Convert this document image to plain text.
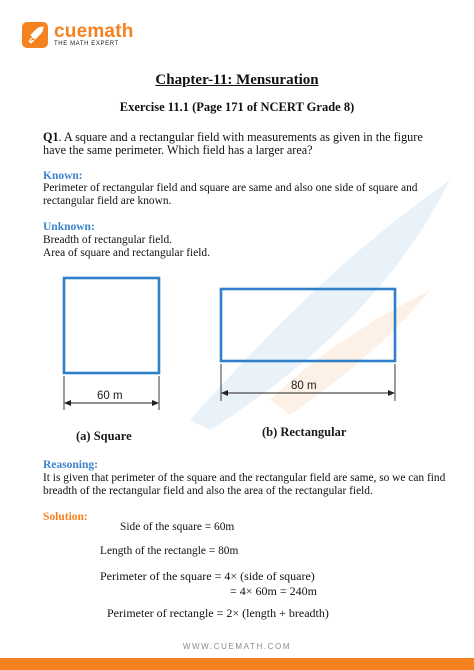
cuemath
THE MATH EXPERT
Chapter-11: Mensuration
Exercise 11.1 (Page 171 of NCERT Grade 8)
Q1. A square and a rectangular field with measurements as given in the figure have the same perimeter. Which field has a larger area?
Known:
Perimeter of rectangular field and square are same and also one side of square and
rectangular field are known.
Unknown:
Breadth of rectangular field.
Area of square and rectangular field.
60 m
(a) Square
80 m
(b) Rectangular
Reasoning:
It is given that perimeter of the square and the rectangular field are same, so we can find
breadth of the rectangular field and also the area of the rectangular field.
Solution:
Side of the square = 60m
Length of the rectangle = 80m
Perimeter of the square = 4× (side of square)
= 4× 60m = 240m
Perimeter of rectangle = 2× (length + breadth)
WWW.CUEMATH.COM
